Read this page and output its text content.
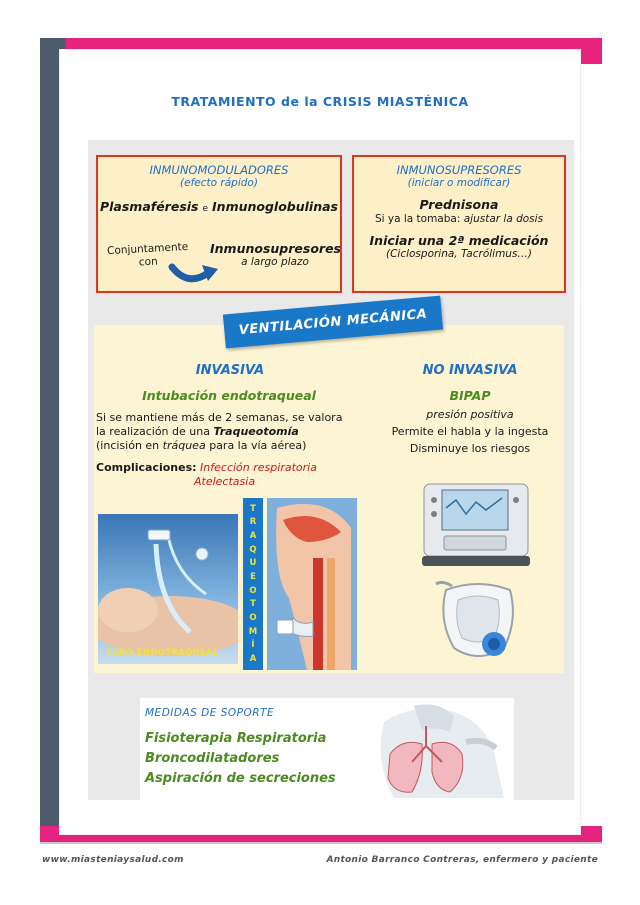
TRATAMIENTO de la CRISIS MIASTÉNICA
INMUNOMODULADORES
(efecto rápido)
Plasmaféresis e Inmunoglobulinas
Conjuntamente
con
Inmunosupresores
a largo plazo
INMUNOSUPRESORES
(iniciar o modificar)
Prednisona
Si ya la tomaba: ajustar la dosis
Iniciar una 2ª medicación
(Ciclosporina, Tacrólimus…)
VENTILACIÓN MECÁNICA
INVASIVA
Intubación endotraqueal
Si se mantiene más de 2 semanas, se valora
la realización de una Traqueotomía
(incisión en tráquea para la vía aérea)
Complicaciones: Infección respiratoria
Atelectasia
TUBO ENDOTRAQUEAL
T
R
A
Q
U
E
O
T
O
M
Í
A
NO INVASIVA
BIPAP
presión positiva
Permite el habla y la ingesta
Disminuye los riesgos
MEDIDAS DE SOPORTE
Fisioterapia Respiratoria
Broncodilatadores
Aspiración de secreciones
www.miasteniaysalud.com	Antonio Barranco Contreras, enfermero y paciente
